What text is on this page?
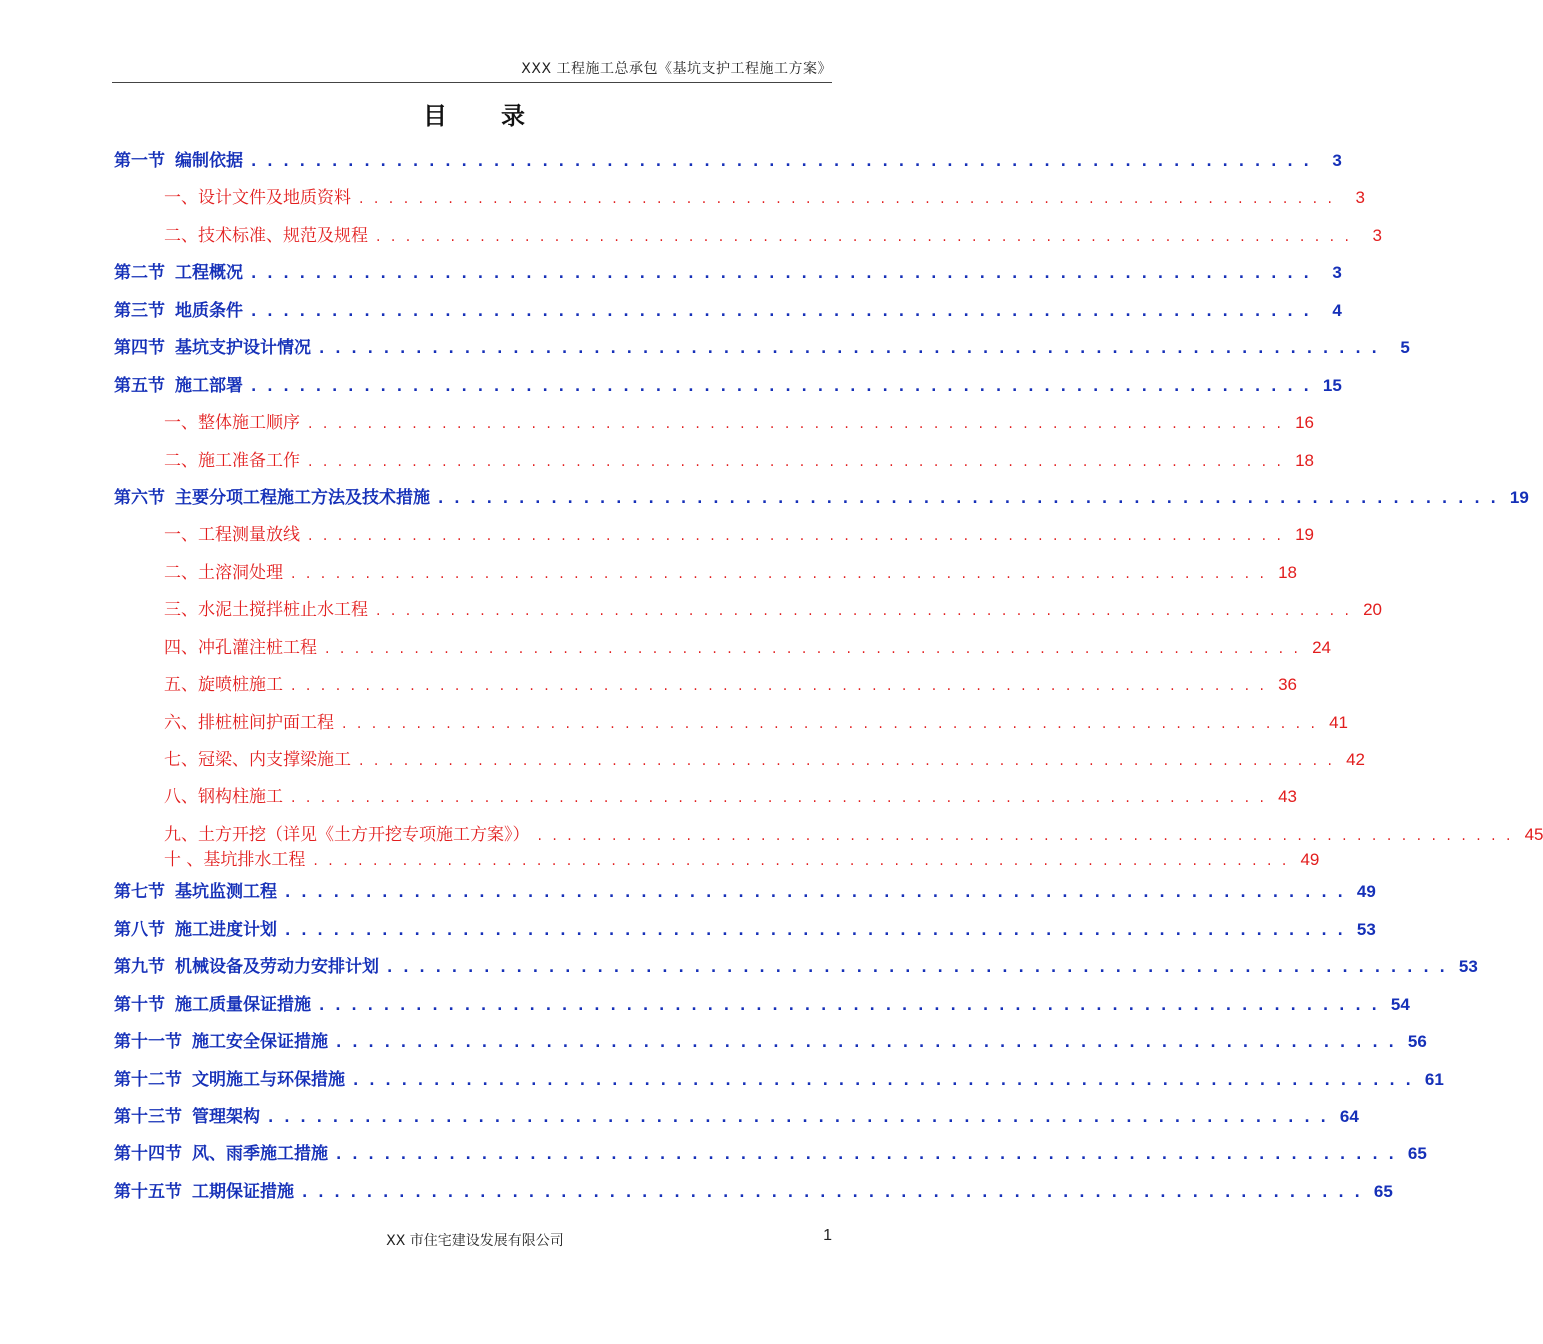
XXX 工程施工总承包《基坑支护工程施工方案》
目 录
第一节 编制依据 . . . . . . . . . . . . . . . . . . . . . . . . . . . . . . . . . . . . . . . . . . . . . . . . . . . . . . . . . . . . . . . . . .	3
一、设计文件及地质资料 . . . . . . . . . . . . . . . . . . . . . . . . . . . . . . . . . . . . . . . . . . . . . . . . . . . . . . . . . . . . . . . . . .	3
二、技术标准、规范及规程 . . . . . . . . . . . . . . . . . . . . . . . . . . . . . . . . . . . . . . . . . . . . . . . . . . . . . . . . . . . . . . . . . .	3
第二节 工程概况 . . . . . . . . . . . . . . . . . . . . . . . . . . . . . . . . . . . . . . . . . . . . . . . . . . . . . . . . . . . . . . . . . .	3
第三节 地质条件 . . . . . . . . . . . . . . . . . . . . . . . . . . . . . . . . . . . . . . . . . . . . . . . . . . . . . . . . . . . . . . . . . .	4
第四节 基坑支护设计情况 . . . . . . . . . . . . . . . . . . . . . . . . . . . . . . . . . . . . . . . . . . . . . . . . . . . . . . . . . . . . . . . . . .	5
第五节 施工部署 . . . . . . . . . . . . . . . . . . . . . . . . . . . . . . . . . . . . . . . . . . . . . . . . . . . . . . . . . . . . . . . . . . 15
一、整体施工顺序 . . . . . . . . . . . . . . . . . . . . . . . . . . . . . . . . . . . . . . . . . . . . . . . . . . . . . . . . . . . . . . . . . . 16
二、施工准备工作 . . . . . . . . . . . . . . . . . . . . . . . . . . . . . . . . . . . . . . . . . . . . . . . . . . . . . . . . . . . . . . . . . . 18
第六节 主要分项工程施工方法及技术措施 . . . . . . . . . . . . . . . . . . . . . . . . . . . . . . . . . . . . . . . . . . . . . . . . . . . . . . . . . . . . . . . . . . 19
一、工程测量放线 . . . . . . . . . . . . . . . . . . . . . . . . . . . . . . . . . . . . . . . . . . . . . . . . . . . . . . . . . . . . . . . . . . 19
二、土溶洞处理 . . . . . . . . . . . . . . . . . . . . . . . . . . . . . . . . . . . . . . . . . . . . . . . . . . . . . . . . . . . . . . . . . . 18
三、水泥土搅拌桩止水工程 . . . . . . . . . . . . . . . . . . . . . . . . . . . . . . . . . . . . . . . . . . . . . . . . . . . . . . . . . . . . . . . . . . 20
四、冲孔灌注桩工程 . . . . . . . . . . . . . . . . . . . . . . . . . . . . . . . . . . . . . . . . . . . . . . . . . . . . . . . . . . . . . . . . . . 24
五、旋喷桩施工 . . . . . . . . . . . . . . . . . . . . . . . . . . . . . . . . . . . . . . . . . . . . . . . . . . . . . . . . . . . . . . . . . . 36
六、排桩桩间护面工程 . . . . . . . . . . . . . . . . . . . . . . . . . . . . . . . . . . . . . . . . . . . . . . . . . . . . . . . . . . . . . . . . . . 41
七、冠梁、内支撑梁施工 . . . . . . . . . . . . . . . . . . . . . . . . . . . . . . . . . . . . . . . . . . . . . . . . . . . . . . . . . . . . . . . . . . 42
八、钢构柱施工 . . . . . . . . . . . . . . . . . . . . . . . . . . . . . . . . . . . . . . . . . . . . . . . . . . . . . . . . . . . . . . . . . . 43
九、土方开挖（详见《土方开挖专项施工方案》） . . . . . . . . . . . . . . . . . . . . . . . . . . . . . . . . . . . . . . . . . . . . . . . . . . . . . . . . . . . . . . . . . . 45
十 、基坑排水工程 . . . . . . . . . . . . . . . . . . . . . . . . . . . . . . . . . . . . . . . . . . . . . . . . . . . . . . . . . . . . . . . . . . 49
第七节 基坑监测工程 . . . . . . . . . . . . . . . . . . . . . . . . . . . . . . . . . . . . . . . . . . . . . . . . . . . . . . . . . . . . . . . . . . 49
第八节 施工进度计划 . . . . . . . . . . . . . . . . . . . . . . . . . . . . . . . . . . . . . . . . . . . . . . . . . . . . . . . . . . . . . . . . . . 53
第九节 机械设备及劳动力安排计划 . . . . . . . . . . . . . . . . . . . . . . . . . . . . . . . . . . . . . . . . . . . . . . . . . . . . . . . . . . . . . . . . . . 53
第十节 施工质量保证措施 . . . . . . . . . . . . . . . . . . . . . . . . . . . . . . . . . . . . . . . . . . . . . . . . . . . . . . . . . . . . . . . . . . 54
第十一节 施工安全保证措施 . . . . . . . . . . . . . . . . . . . . . . . . . . . . . . . . . . . . . . . . . . . . . . . . . . . . . . . . . . . . . . . . . . 56
第十二节 文明施工与环保措施 . . . . . . . . . . . . . . . . . . . . . . . . . . . . . . . . . . . . . . . . . . . . . . . . . . . . . . . . . . . . . . . . . . 61
第十三节 管理架构 . . . . . . . . . . . . . . . . . . . . . . . . . . . . . . . . . . . . . . . . . . . . . . . . . . . . . . . . . . . . . . . . . . 64
第十四节 风、雨季施工措施 . . . . . . . . . . . . . . . . . . . . . . . . . . . . . . . . . . . . . . . . . . . . . . . . . . . . . . . . . . . . . . . . . . 65
第十五节 工期保证措施 . . . . . . . . . . . . . . . . . . . . . . . . . . . . . . . . . . . . . . . . . . . . . . . . . . . . . . . . . . . . . . . . . . 65
XX 市住宅建设发展有限公司	1
